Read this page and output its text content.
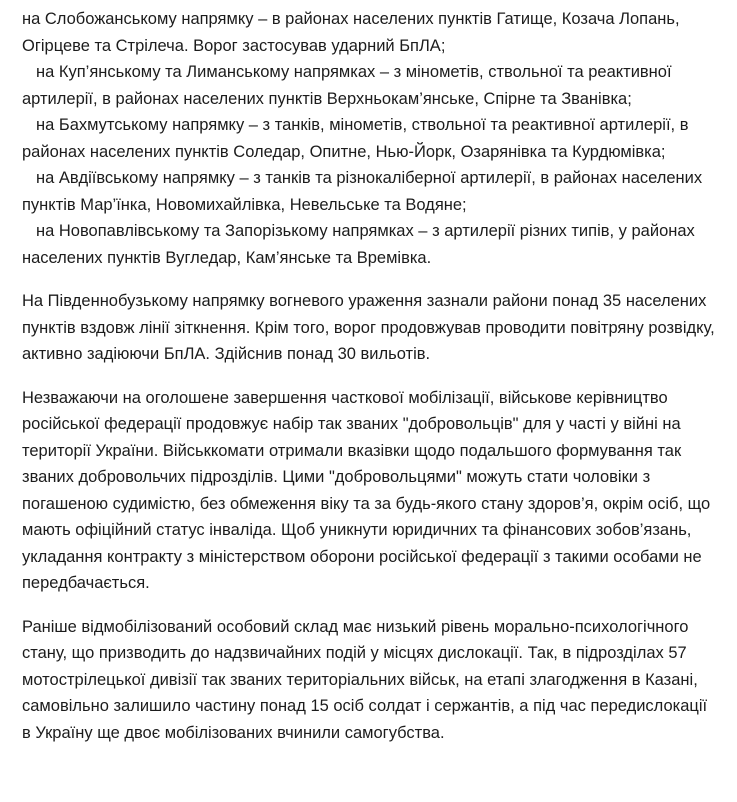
на Слобожанському напрямку – в районах населених пунктів Гатище, Козача Лопань, Огірцеве та Стрілеча. Ворог застосував ударний БпЛА;

на Куп’янському та Лиманському напрямках – з мінометів, ствольної та реактивної артилерії, в районах населених пунктів Верхньокам’янське, Спірне та Званівка;

на Бахмутському напрямку – з танків, мінометів, ствольної та реактивної артилерії, в районах населених пунктів Соледар, Опитне, Нью-Йорк, Озарянівка та Курдюмівка;

на Авдіївському напрямку – з танків та різнокаліберної артилерії, в районах населених пунктів Мар’їнка, Новомихайлівка, Невельське та Водяне;

на Новопавлівському та Запорізькому напрямках – з артилерії різних типів, у районах населених пунктів Вугледар, Кам’янське та Времівка.

На Південнобузькому напрямку вогневого ураження зазнали райони понад 35 населених пунктів вздовж лінії зіткнення. Крім того, ворог продовжував проводити повітряну розвідку, активно задіюючи БпЛА. Здійснив понад 30 вильотів.

Незважаючи на оголошене завершення часткової мобілізації, військове керівництво російської федерації продовжує набір так званих "добровольців" для у часті у війні на території України. Військкомати отримали вказівки щодо подальшого формування так званих добровольчих підрозділів. Цими "добровольцями" можуть стати чоловіки з погашеною судимістю, без обмеження віку та за будь-якого стану здоров’я, окрім осіб, що мають офіційний статус інваліда. Щоб уникнути юридичних та фінансових зобов’язань, укладання контракту з міністерством оборони російської федерації з такими особами не передбачається.

Раніше відмобілізований особовий склад має низький рівень морально-психологічного стану, що призводить до надзвичайних подій у місцях дислокації. Так, в підрозділах 57 мотострілецької дивізії так званих територіальних військ, на етапі злагодження в Казані, самовільно залишило частину понад 15 осіб солдат і сержантів, а під час передислокації в Україну ще двоє мобілізованих вчинили самогубства.
